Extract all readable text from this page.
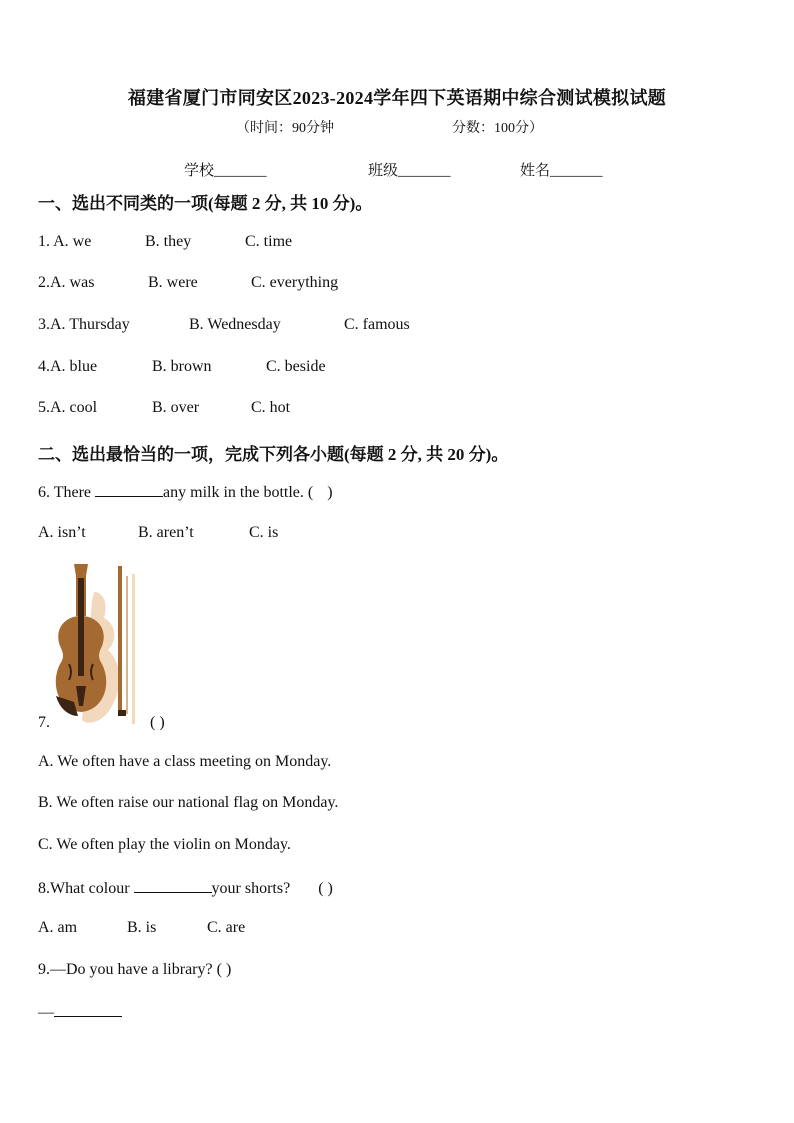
福建省厦门市同安区2023-2024学年四下英语期中综合测试模拟试题
（时间：90分钟	分数：100分）
学校_______	班级_______	姓名_______
一、选出不同类的一项(每题 2 分, 共 10 分)。
1. A. we	B. they	C. time
2.A. was	B. were	C. everything
3.A. Thursday	B. Wednesday	C. famous
4.A. blue	B. brown	C. beside
5.A. cool	B. over	C. hot
二、选出最恰当的一项，完成下列各小题(每题 2 分, 共 20 分)。
6. There	any milk in the bottle. ( )
A. isn’t	B. aren’t	C. is
7.	( )
A. We often have a class meeting on Monday.
B. We often raise our national flag on Monday.
C. We often play the violin on Monday.
8.What colour	your shorts? ( )
A. am	B. is	C. are
9.—Do you have a library? ( )
—
